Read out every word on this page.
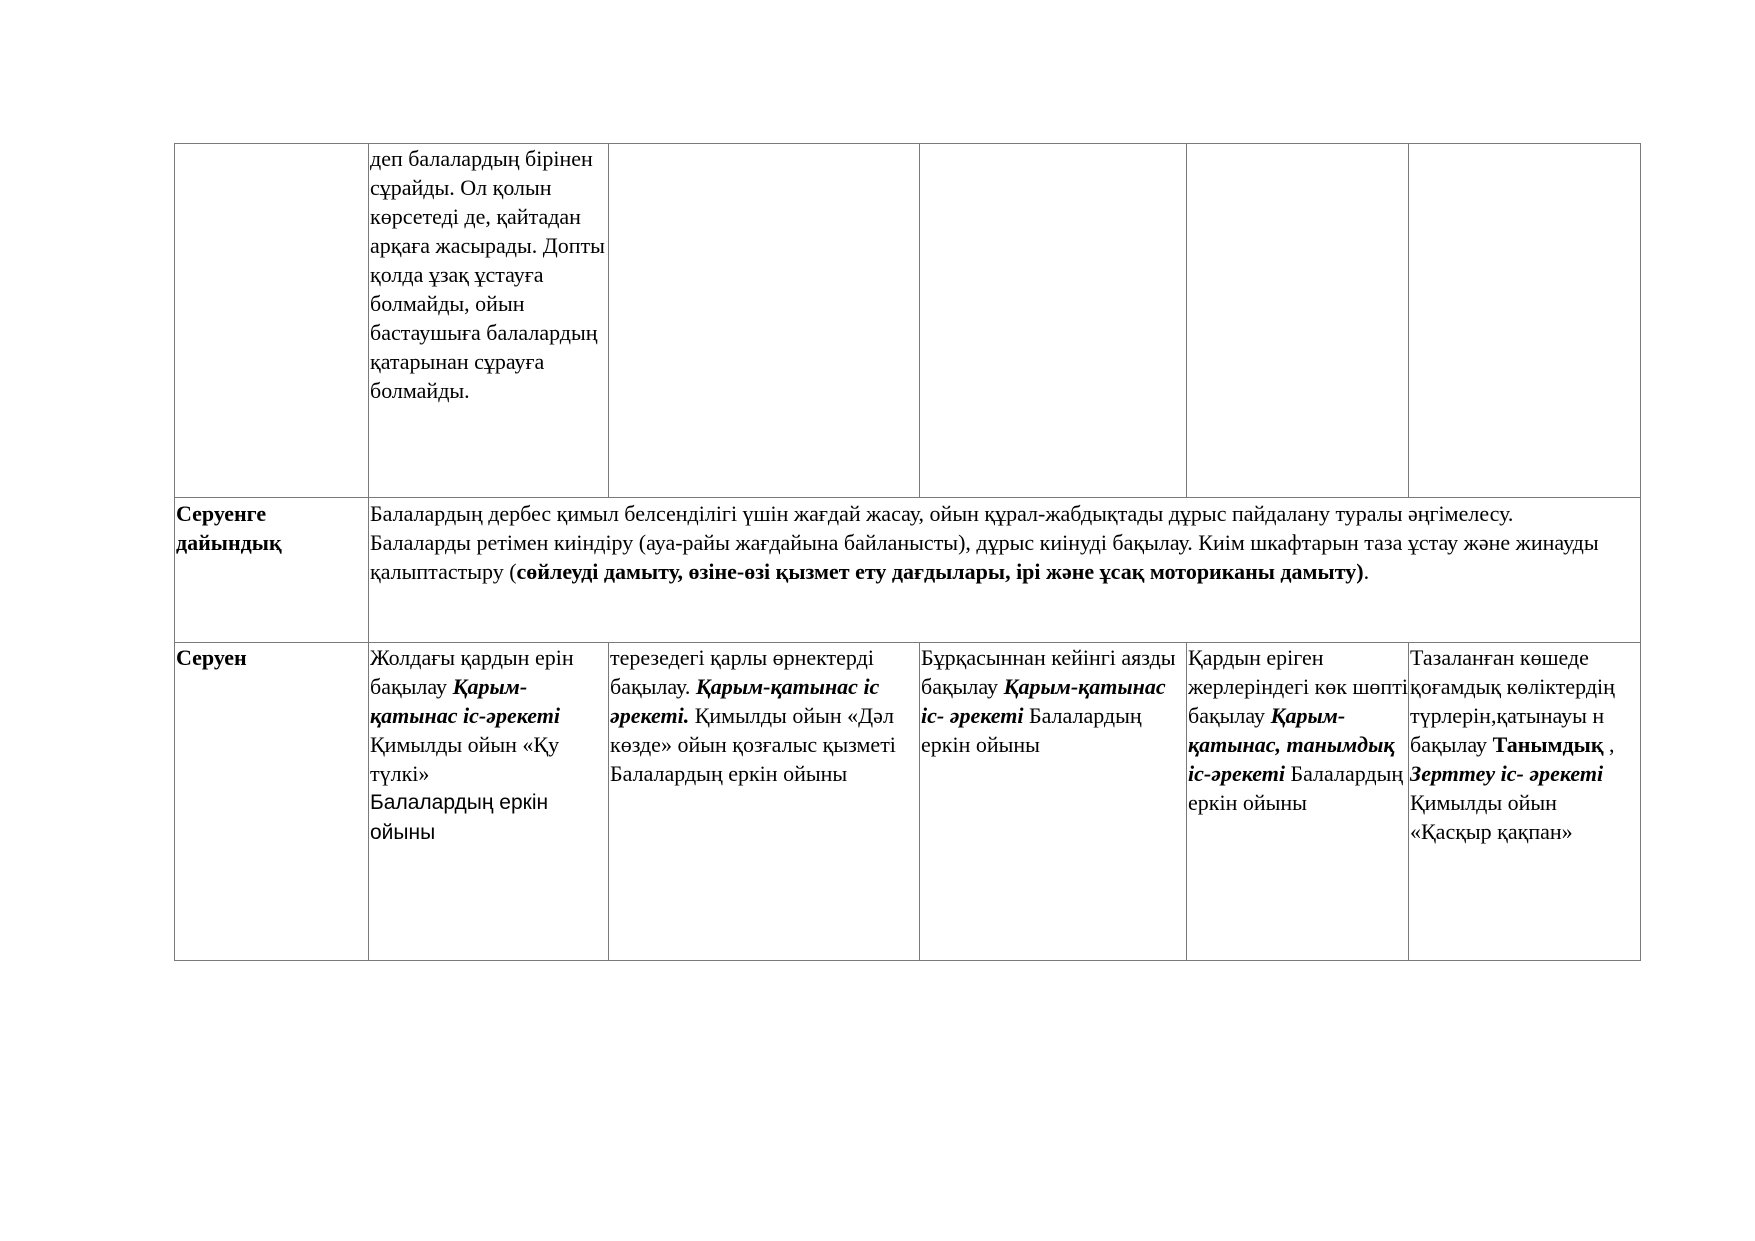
	деп балалардың бірінен сұрайды. Ол қолын көрсетеді де, қайтадан арқаға жасырады. Допты қолда ұзақ ұстауға болмайды, ойын бастаушыға балалардың қатарынан сұрауға болмайды.				

Серуенге
дайындық	Балалардың дербес қимыл белсенділігі үшін жағдай жасау, ойын құрал-жабдықтады дұрыс пайдалану туралы әңгімелесу.
Балаларды ретімен киіндіру (ауа-райы жағдайына байланысты), дұрыс киінуді бақылау. Киім шкафтарын таза ұстау және жинауды қалыптастыру (сөйлеуді дамыту, өзіне-өзі қызмет ету дағдылары, ірі және ұсақ моториканы дамыту).				

Серуен	Жолдағы қардын ерін бақылау Қарым-қатынас іс-әрекеті Қимылды ойын «Қу түлкі»
Балалардың еркін ойыны	терезедегі қарлы өрнектерді бақылау. Қарым-қатынас іс әрекеті. Қимылды ойын «Дәл көзде» ойын қозғалыс қызметі Балалардың еркін ойыны	Бұрқасыннан кейінгі аязды бақылау Қарым-қатынас іс- әрекеті Балалардың еркін ойыны	Қардын еріген жерлеріндегі көк шөпті бақылау Қарым-қатынас, танымдық іс-әрекеті Балалардың еркін ойыны	Тазаланған көшеде қоғамдық көліктердің түрлерін,қатынауы н бақылау Танымдық , Зерттеу іс- әрекеті Қимылды ойын «Қасқыр қақпан»
